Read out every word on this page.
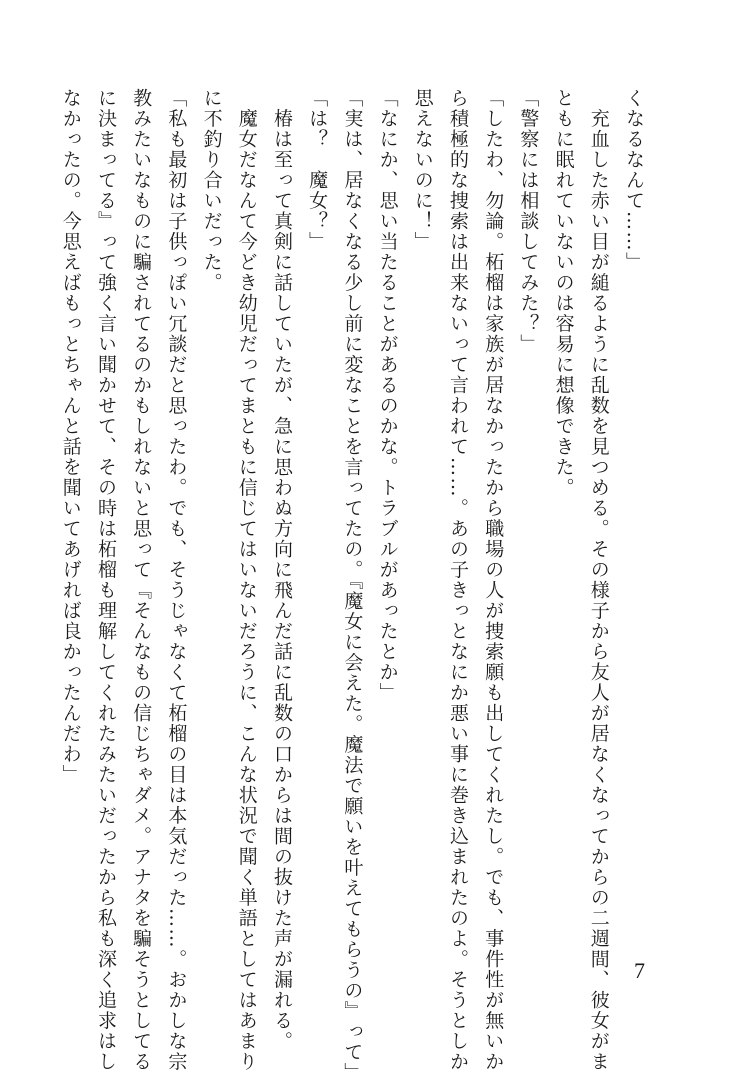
くなるなんて……」
　充血した赤い目が縋るように乱数を見つめる。その様子から友人が居なくなってからの二週間、彼女がま
ともに眠れていないのは容易に想像できた。
「警察には相談してみた？」
「したわ、勿論。柘榴は家族が居なかったから職場の人が捜索願も出してくれたし。でも、事件性が無いか
ら積極的な捜索は出来ないって言われて……。あの子きっとなにか悪い事に巻き込まれたのよ。そうとしか
思えないのに！」
「なにか、思い当たることがあるのかな。トラブルがあったとか」
「実は、居なくなる少し前に変なことを言ってたの。『魔女に会えた。魔法で願いを叶えてもらうの』って」
「は？　魔女？」
　椿は至って真剣に話していたが、急に思わぬ方向に飛んだ話に乱数の口からは間の抜けた声が漏れる。
　魔女だなんて今どき幼児だってまともに信じてはいないだろうに、こんな状況で聞く単語としてはあまり
に不釣り合いだった。
「私も最初は子供っぽい冗談だと思ったわ。でも、そうじゃなくて柘榴の目は本気だった……。おかしな宗
教みたいなものに騙されてるのかもしれないと思って『そんなもの信じちゃダメ。アナタを騙そうとしてる
に決まってる』って強く言い聞かせて、その時は柘榴も理解してくれたみたいだったから私も深く追求はし
なかったの。今思えばもっとちゃんと話を聞いてあげれば良かったんだわ」
7
